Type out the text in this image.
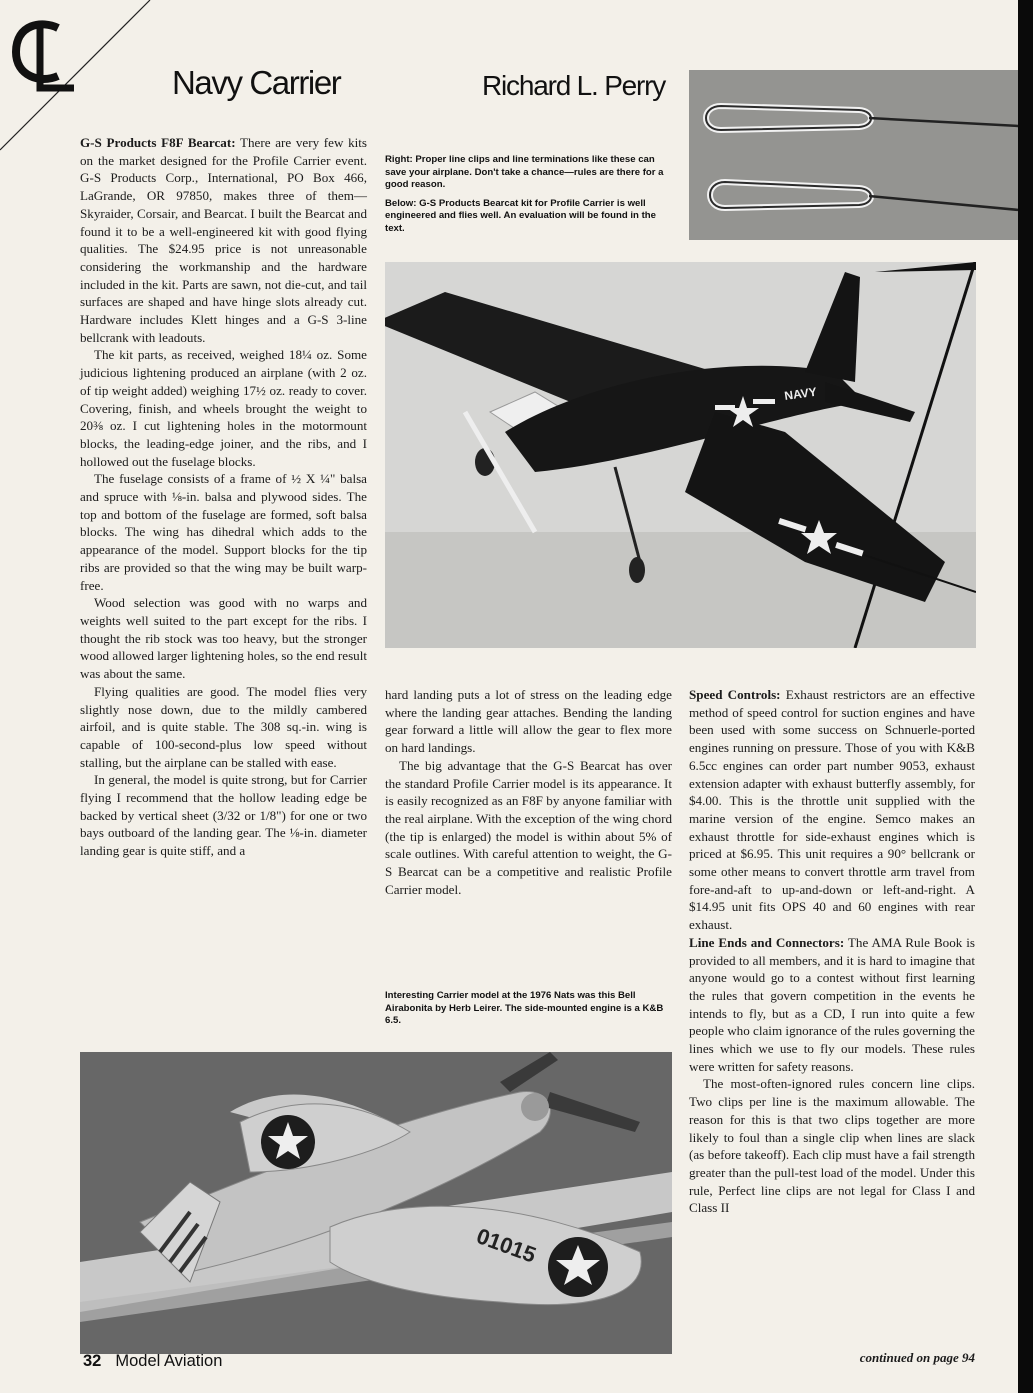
Navy Carrier	Richard L. Perry

Right: Proper line clips and line terminations like these can save your airplane. Don't take a chance—rules are there for a good reason.

Below: G-S Products Bearcat kit for Profile Carrier is well engineered and flies well. An evaluation will be found in the text.

NAVY

G-S Products F8F Bearcat: There are very few kits on the market designed for the Profile Carrier event. G-S Products Corp., International, PO Box 466, LaGrande, OR 97850, makes three of them—Skyraider, Corsair, and Bearcat. I built the Bearcat and found it to be a well-engineered kit with good flying qualities. The $24.95 price is not unreasonable considering the workmanship and the hardware included in the kit. Parts are sawn, not die-cut, and tail surfaces are shaped and have hinge slots already cut. Hardware includes Klett hinges and a G-S 3-line bellcrank with leadouts.

The kit parts, as received, weighed 18¼ oz. Some judicious lightening produced an airplane (with 2 oz. of tip weight added) weighing 17½ oz. ready to cover. Covering, finish, and wheels brought the weight to 20⅜ oz. I cut lightening holes in the motormount blocks, the leading-edge joiner, and the ribs, and I hollowed out the fuselage blocks.

The fuselage consists of a frame of ½ X ¼" balsa and spruce with ⅛-in. balsa and plywood sides. The top and bottom of the fuselage are formed, soft balsa blocks. The wing has dihedral which adds to the appearance of the model. Support blocks for the tip ribs are provided so that the wing may be built warp-free.

Wood selection was good with no warps and weights well suited to the part except for the ribs. I thought the rib stock was too heavy, but the stronger wood allowed larger lightening holes, so the end result was about the same.

Flying qualities are good. The model flies very slightly nose down, due to the mildly cambered airfoil, and is quite stable. The 308 sq.-in. wing is capable of 100-second-plus low speed without stalling, but the airplane can be stalled with ease.

In general, the model is quite strong, but for Carrier flying I recommend that the hollow leading edge be backed by vertical sheet (3/32 or 1/8") for one or two bays outboard of the landing gear. The ⅛-in. diameter landing gear is quite stiff, and a

hard landing puts a lot of stress on the leading edge where the landing gear attaches. Bending the landing gear forward a little will allow the gear to flex more on hard landings.

The big advantage that the G-S Bearcat has over the standard Profile Carrier model is its appearance. It is easily recognized as an F8F by anyone familiar with the real airplane. With the exception of the wing chord (the tip is enlarged) the model is within about 5% of scale outlines. With careful attention to weight, the G-S Bearcat can be a competitive and realistic Profile Carrier model.

Interesting Carrier model at the 1976 Nats was this Bell Airabonita by Herb Leirer. The side-mounted engine is a K&B 6.5.

Speed Controls: Exhaust restrictors are an effective method of speed control for suction engines and have been used with some success on Schnuerle-ported engines running on pressure. Those of you with K&B 6.5cc engines can order part number 9053, exhaust extension adapter with exhaust butterfly assembly, for $4.00. This is the throttle unit supplied with the marine version of the engine. Semco makes an exhaust throttle for side-exhaust engines which is priced at $6.95. This unit requires a 90° bellcrank or some other means to convert throttle arm travel from fore-and-aft to up-and-down or left-and-right. A $14.95 unit fits OPS 40 and 60 engines with rear exhaust.

Line Ends and Connectors: The AMA Rule Book is provided to all members, and it is hard to imagine that anyone would go to a contest without first learning the rules that govern competition in the events he intends to fly, but as a CD, I run into quite a few people who claim ignorance of the rules governing the lines which we use to fly our models. These rules were written for safety reasons.

The most-often-ignored rules concern line clips. Two clips per line is the maximum allowable. The reason for this is that two clips together are more likely to foul than a single clip when lines are slack (as before takeoff). Each clip must have a fail strength greater than the pull-test load of the model. Under this rule, Perfect line clips are not legal for Class I and Class II

01015
continued on page 94
32 Model Aviation
